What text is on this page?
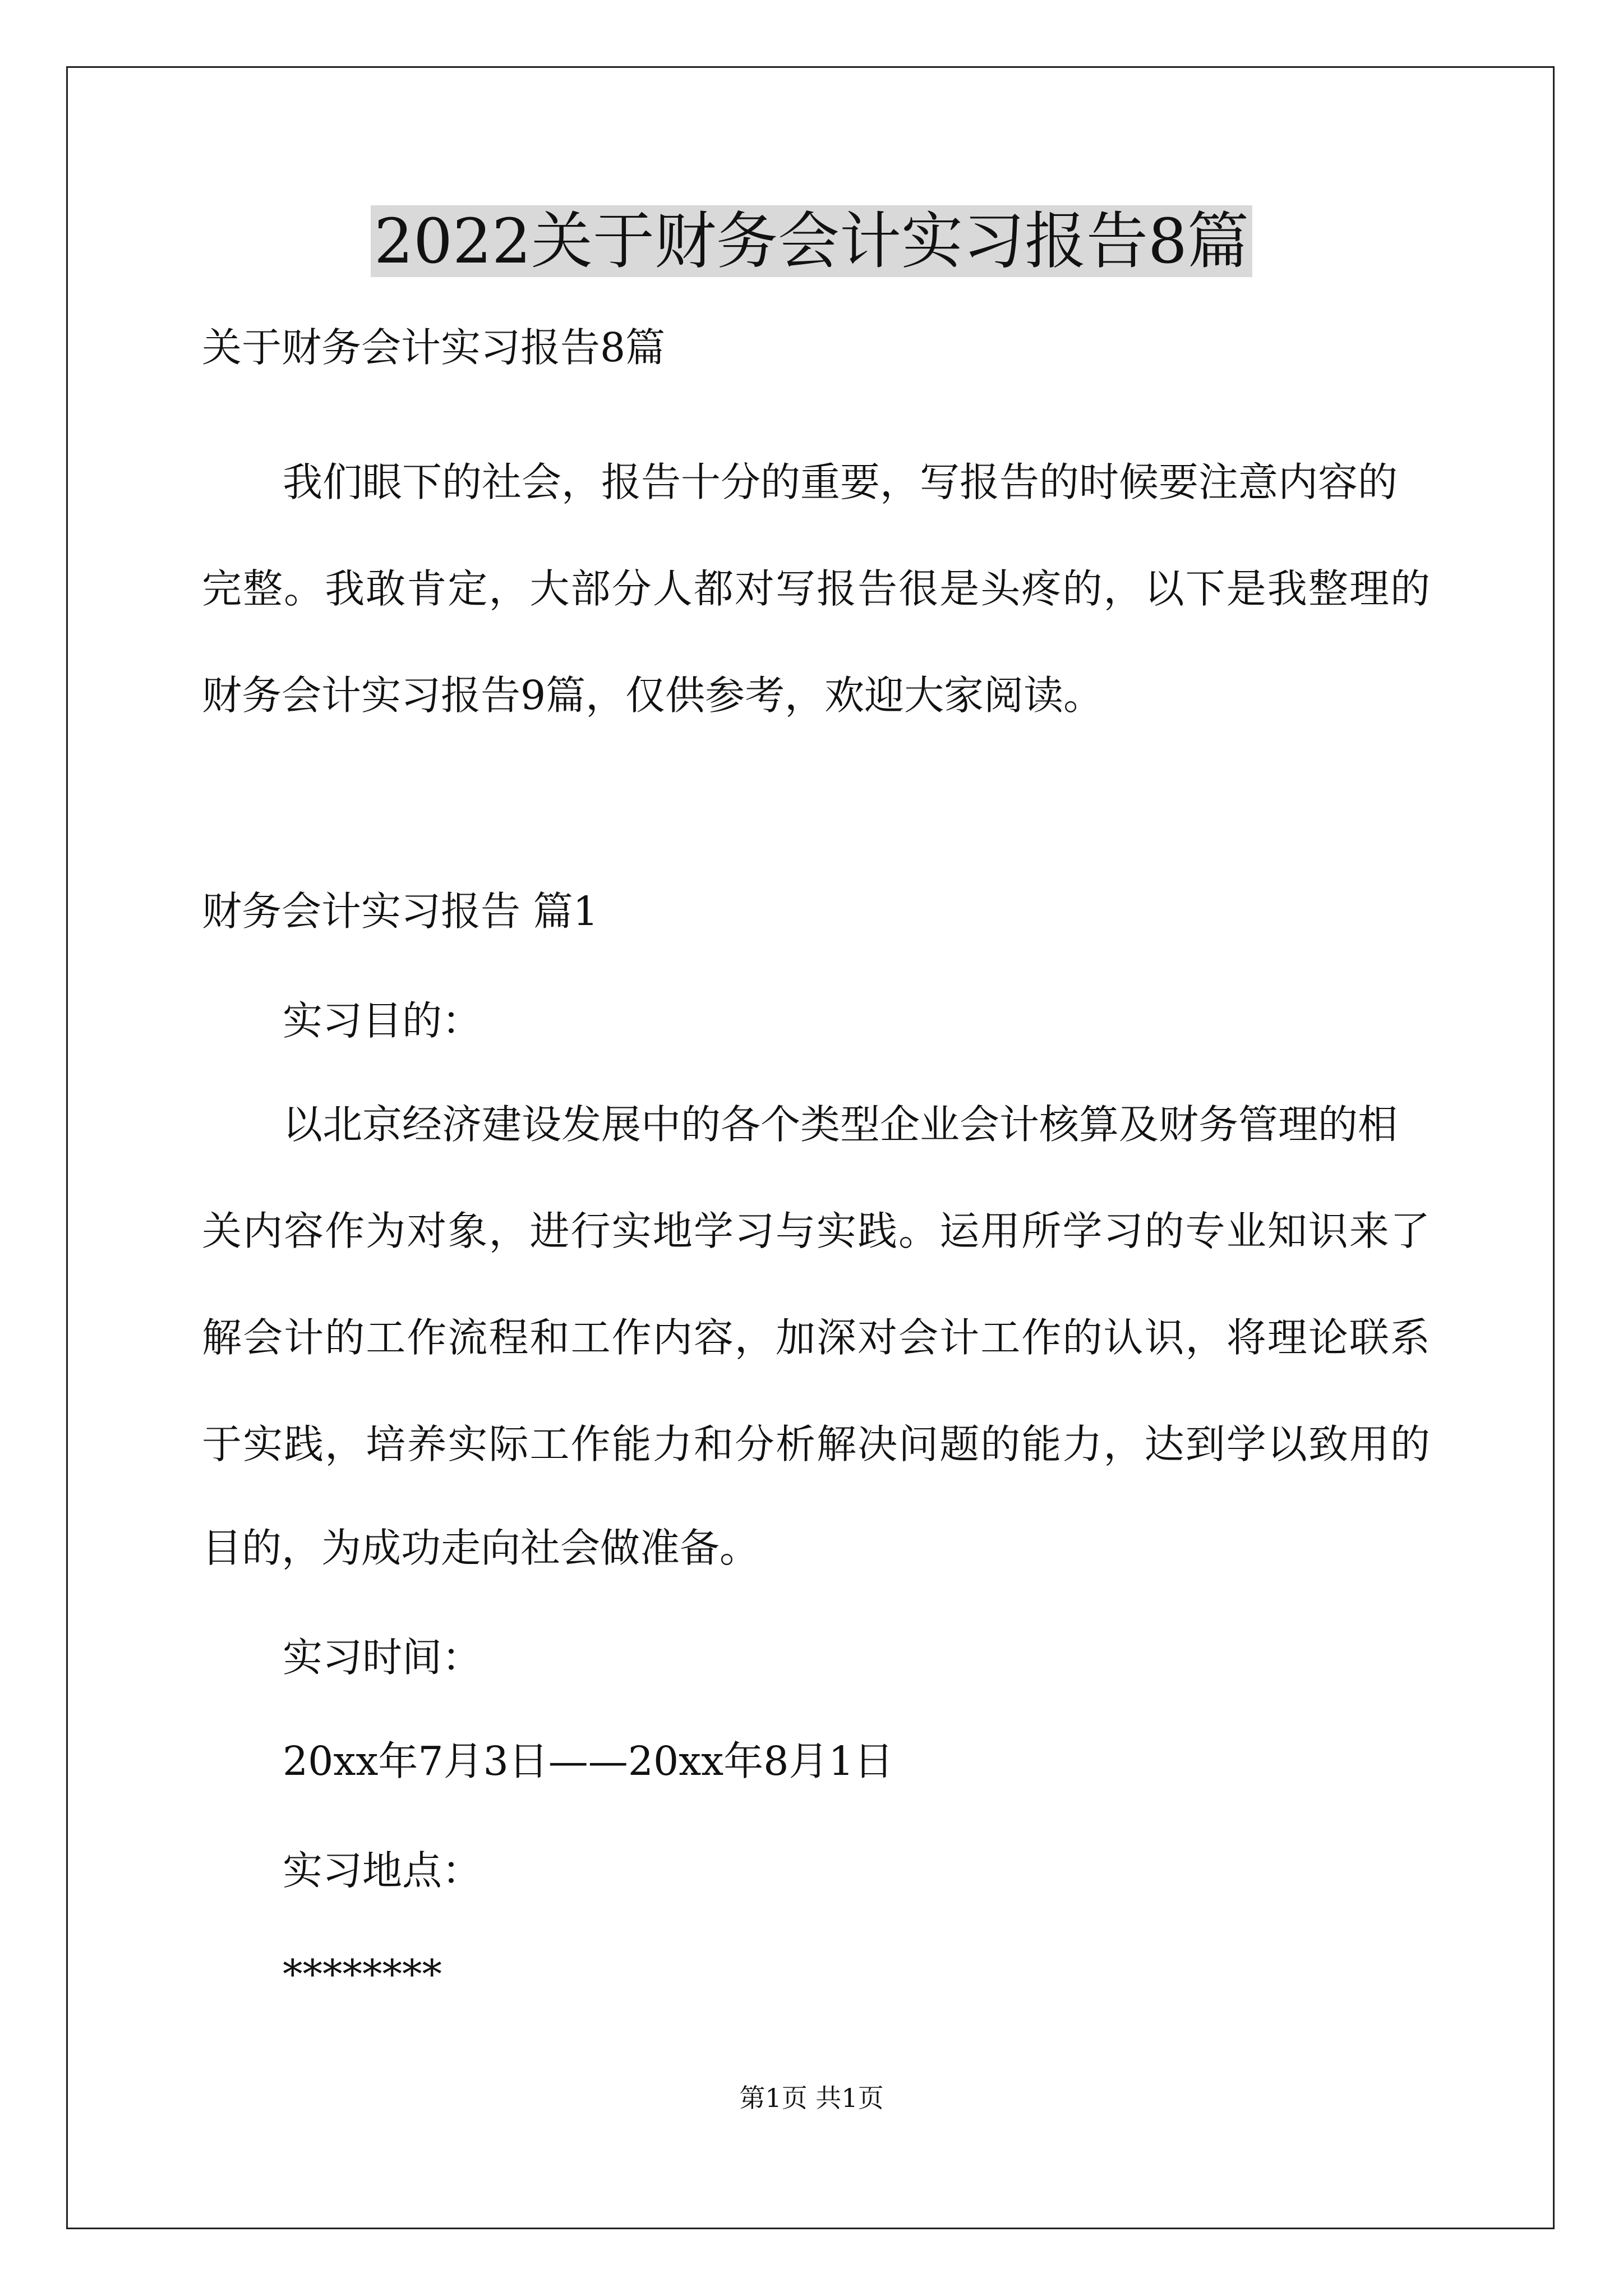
2022关于财务会计实习报告8篇

关于财务会计实习报告8篇

我们眼下的社会，报告十分的重要，写报告的时候要注意内容的

完整。我敢肯定，大部分人都对写报告很是头疼的，以下是我整理的

财务会计实习报告9篇，仅供参考，欢迎大家阅读。

财务会计实习报告 篇1

实习目的：

以北京经济建设发展中的各个类型企业会计核算及财务管理的相

关内容作为对象，进行实地学习与实践。运用所学习的专业知识来了

解会计的工作流程和工作内容，加深对会计工作的认识，将理论联系

于实践，培养实际工作能力和分析解决问题的能力，达到学以致用的

目的，为成功走向社会做准备。

实习时间：

20xx年7月3日——20xx年8月1日

实习地点：

********

第1页 共1页
